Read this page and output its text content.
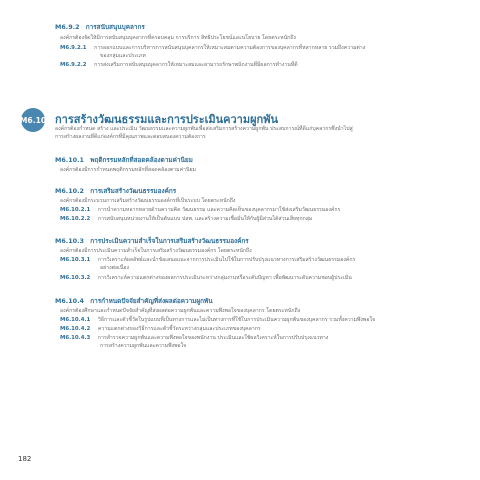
M6.9.2 การสนับสนุนบุคลากร
องค์กรต้องจัดให้มีการสนับสนุนบุคลากรที่ครอบคลุม การบริการ สิทธิประโยชน์และนโยบาย โดยตระหนักถึง
M6.9.2.1 การออกแบบและการบริหารการสนับสนุนบุคลากรให้เหมาะสมตามความต้องการของบุคลากรที่หลากหลาย รวมถึงความต่าง
ของกลุ่มและประเภท
M6.9.2.2 การส่งเสริมการสนับสนุนบุคลากรให้เหมาะสมและสามารถรักษาพนักงานที่มีผลการทำงานที่ดี
M6.10 การสร้างวัฒนธรรมและการประเมินความผูกพัน
องค์กรต้องกำหนด สร้าง และประเมิน วัฒนธรรมและความผูกพันเพื่อส่งเสริมการสร้างความผูกพัน ประสบการณ์ที่ดีแก่บุคลากรซึ่งนำไปสู่
การสร้างผลงานที่ดีแก่องค์กรที่มีคุณภาพและตอบสนองความต้องการ
M6.10.1 พฤติกรรมหลักที่สอดคล้องตามค่านิยม
องค์กรต้องมีการกำหนดพฤติกรรมหลักที่สอดคล้องตามค่านิยม
M6.10.2 การเสริมสร้างวัฒนธรรมองค์กร
องค์กรต้องมีกระบวนการเสริมสร้างวัฒนธรรมองค์กรที่เป็นระบบ โดยตระหนักถึง
M6.10.2.1 การนำความหลากหลายด้านความคิด วัฒนธรรม และความคิดเห็นของบุคลากรมาใช้ส่งเสริมวัฒนธรรมองค์กร
M6.10.2.2 การสนับสนุนหน่วยงานให้เป็นต้นแบบ ปสพ. และสร้างความเชื่อมั่นให้กับผู้มีส่วนได้ส่วนเสียทุกกลุ่ม
M6.10.3 การประเมินความสำเร็จในการเสริมสร้างวัฒนธรรมองค์กร
องค์กรต้องมีการประเมินความสำเร็จในการเสริมสร้างวัฒนธรรมองค์กร โดยตระหนักถึง
M6.10.3.1 การวิเคราะห์ผลลัพธ์และนำข้อเสนอแนะจากการประเมินไปใช้ในการปรับปรุงแนวทางการเสริมสร้างวัฒนธรรมองค์กร
อย่างต่อเนื่อง
M6.10.3.2 การวิเคราะห์ความแตกต่างของผลการประเมินระหว่างกลุ่มงานหรือระดับปัญหา เพื่อพัฒนาระดับความชอบผู้ประเมิน
M6.10.4 การกำหนดปัจจัยสำคัญที่ส่งผลต่อความผูกพัน
องค์กรต้องศึกษาและกำหนดปัจจัยสำคัญที่ส่งผลต่อความผูกพันและความพึงพอใจของบุคลากร โดยตระหนักถึง
M6.10.4.1 วิธีการและตัวชี้วัดในรูปแบบที่เป็นทางการและไม่เป็นทางการที่ใช้ในการประเมินความผูกพันของบุคลากร รวมทั้งความพึงพอใจ
M6.10.4.2 ความแตกต่างของวิธีการและตัวชี้วัดระหว่างกลุ่มและประเภทของบุคลากร
M6.10.4.3 การสำรวจความผูกพันและความพึงพอใจของพนักงาน ประเมินและใช้ผลวิเคราะห์ในการปรับปรุงแนวทาง
การสร้างความผูกพันและความพึงพอใจ
182
